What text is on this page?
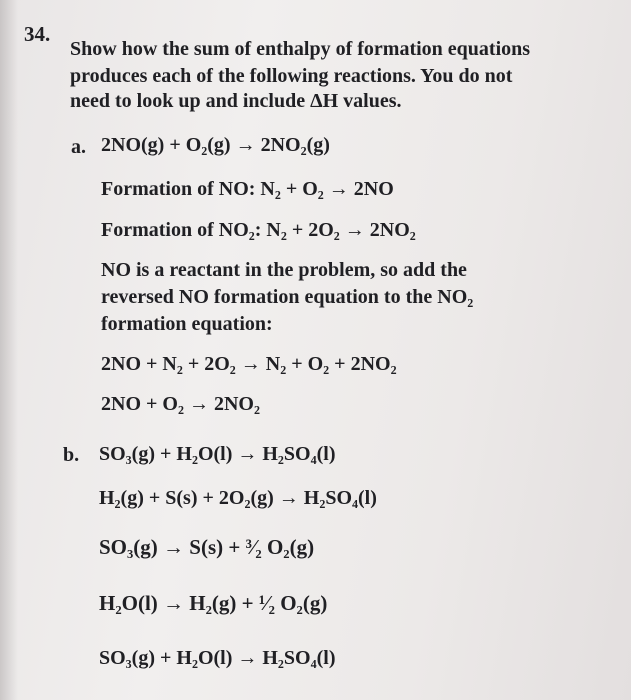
34.
Show how the sum of enthalpy of formation equations
produces each of the following reactions. You do not
need to look up and include ΔH values.
a. 2NO(g) + O₂(g) → 2NO₂(g)
Formation of NO: N₂ + O₂ → 2NO
Formation of NO₂: N₂ + 2O₂ → 2NO₂
NO is a reactant in the problem, so add the
reversed NO formation equation to the NO₂
formation equation:
2NO + N₂ + 2O₂ → N₂ + O₂ + 2NO₂
2NO + O₂ → 2NO₂
b. SO₃(g) + H₂O(l) → H₂SO₄(l)
H₂(g) + S(s) + 2O₂(g) → H₂SO₄(l)
SO₃(g) → S(s) + ³⁄₂ O₂(g)
H₂O(l) → H₂(g) + ¹⁄₂ O₂(g)
SO₃(g) + H₂O(l) → H₂SO₄(l)
